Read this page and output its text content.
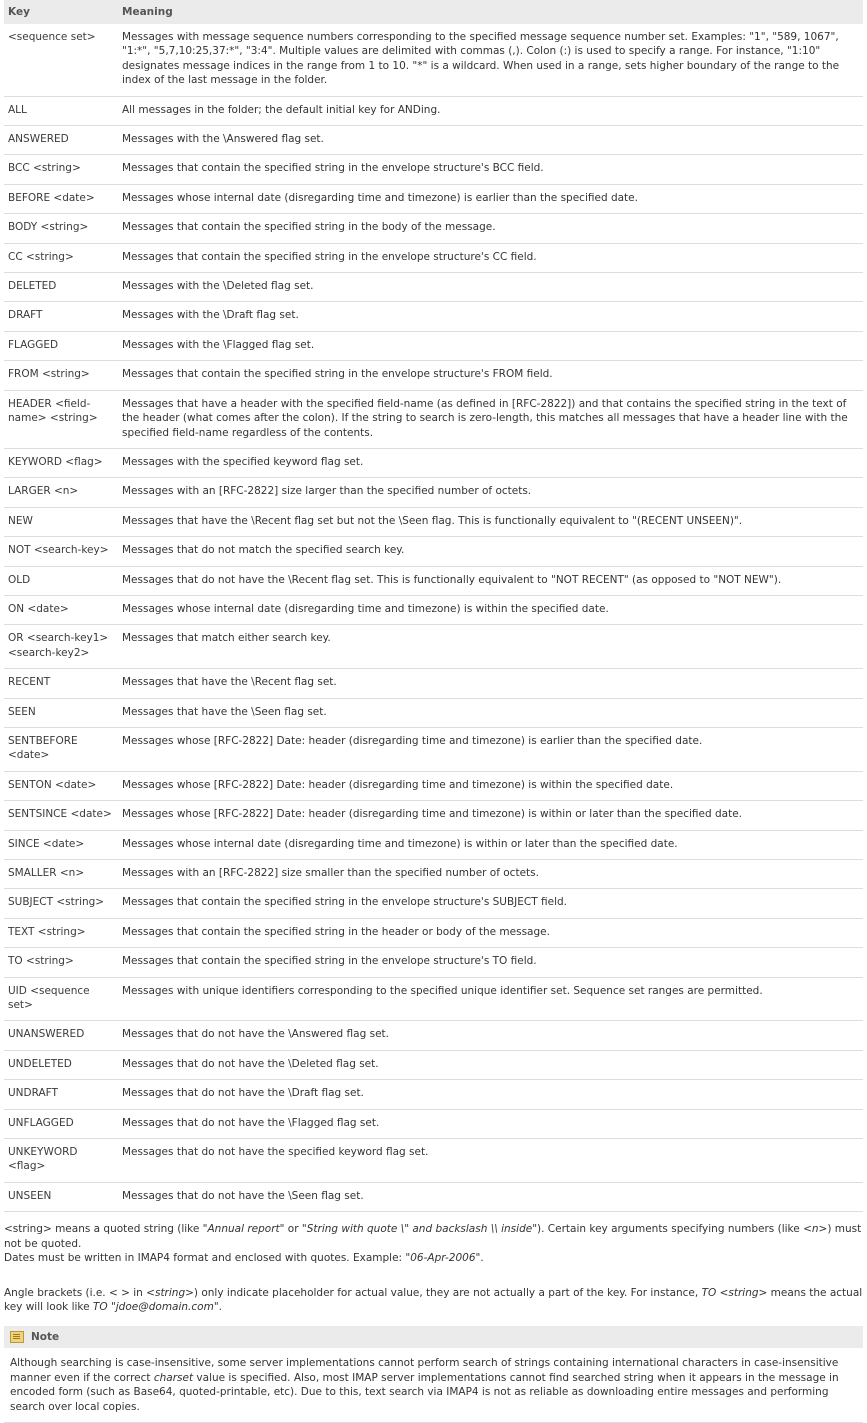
Key	Meaning
<sequence set>	Messages with message sequence numbers corresponding to the specified message sequence number set. Examples: "1", "589, 1067", "1:*", "5,7,10:25,37:*", "3:4". Multiple values are delimited with commas (,). Colon (:) is used to specify a range. For instance, "1:10" designates message indices in the range from 1 to 10. "*" is a wildcard. When used in a range, sets higher boundary of the range to the index of the last message in the folder.
ALL	All messages in the folder; the default initial key for ANDing.
ANSWERED	Messages with the \Answered flag set.
BCC <string>	Messages that contain the specified string in the envelope structure's BCC field.
BEFORE <date>	Messages whose internal date (disregarding time and timezone) is earlier than the specified date.
BODY <string>	Messages that contain the specified string in the body of the message.
CC <string>	Messages that contain the specified string in the envelope structure's CC field.
DELETED	Messages with the \Deleted flag set.
DRAFT	Messages with the \Draft flag set.
FLAGGED	Messages with the \Flagged flag set.
FROM <string>	Messages that contain the specified string in the envelope structure's FROM field.
HEADER <field-name> <string>	Messages that have a header with the specified field-name (as defined in [RFC-2822]) and that contains the specified string in the text of the header (what comes after the colon). If the string to search is zero-length, this matches all messages that have a header line with the specified field-name regardless of the contents.
KEYWORD <flag>	Messages with the specified keyword flag set.
LARGER <n>	Messages with an [RFC-2822] size larger than the specified number of octets.
NEW	Messages that have the \Recent flag set but not the \Seen flag. This is functionally equivalent to "(RECENT UNSEEN)".
NOT <search-key>	Messages that do not match the specified search key.
OLD	Messages that do not have the \Recent flag set. This is functionally equivalent to "NOT RECENT" (as opposed to "NOT NEW").
ON <date>	Messages whose internal date (disregarding time and timezone) is within the specified date.
OR <search-key1> <search-key2>	Messages that match either search key.
RECENT	Messages that have the \Recent flag set.
SEEN	Messages that have the \Seen flag set.
SENTBEFORE <date>	Messages whose [RFC-2822] Date: header (disregarding time and timezone) is earlier than the specified date.
SENTON <date>	Messages whose [RFC-2822] Date: header (disregarding time and timezone) is within the specified date.
SENTSINCE <date>	Messages whose [RFC-2822] Date: header (disregarding time and timezone) is within or later than the specified date.
SINCE <date>	Messages whose internal date (disregarding time and timezone) is within or later than the specified date.
SMALLER <n>	Messages with an [RFC-2822] size smaller than the specified number of octets.
SUBJECT <string>	Messages that contain the specified string in the envelope structure's SUBJECT field.
TEXT <string>	Messages that contain the specified string in the header or body of the message.
TO <string>	Messages that contain the specified string in the envelope structure's TO field.
UID <sequence set>	Messages with unique identifiers corresponding to the specified unique identifier set. Sequence set ranges are permitted.
UNANSWERED	Messages that do not have the \Answered flag set.
UNDELETED	Messages that do not have the \Deleted flag set.
UNDRAFT	Messages that do not have the \Draft flag set.
UNFLAGGED	Messages that do not have the \Flagged flag set.
UNKEYWORD <flag>	Messages that do not have the specified keyword flag set.
UNSEEN	Messages that do not have the \Seen flag set.

<string> means a quoted string (like "Annual report" or "String with quote \" and backslash \\ inside"). Certain key arguments specifying numbers (like <n>) must not be quoted.

Dates must be written in IMAP4 format and enclosed with quotes. Example: "06-Apr-2006".

Angle brackets (i.e. < > in <string>) only indicate placeholder for actual value, they are not actually a part of the key. For instance, TO <string> means the actual key will look like TO "jdoe@domain.com".

Note
Although searching is case-insensitive, some server implementations cannot perform search of strings containing international characters in case-insensitive manner even if the correct charset value is specified. Also, most IMAP server implementations cannot find searched string when it appears in the message in encoded form (such as Base64, quoted-printable, etc). Due to this, text search via IMAP4 is not as reliable as downloading entire messages and performing search over local copies.
